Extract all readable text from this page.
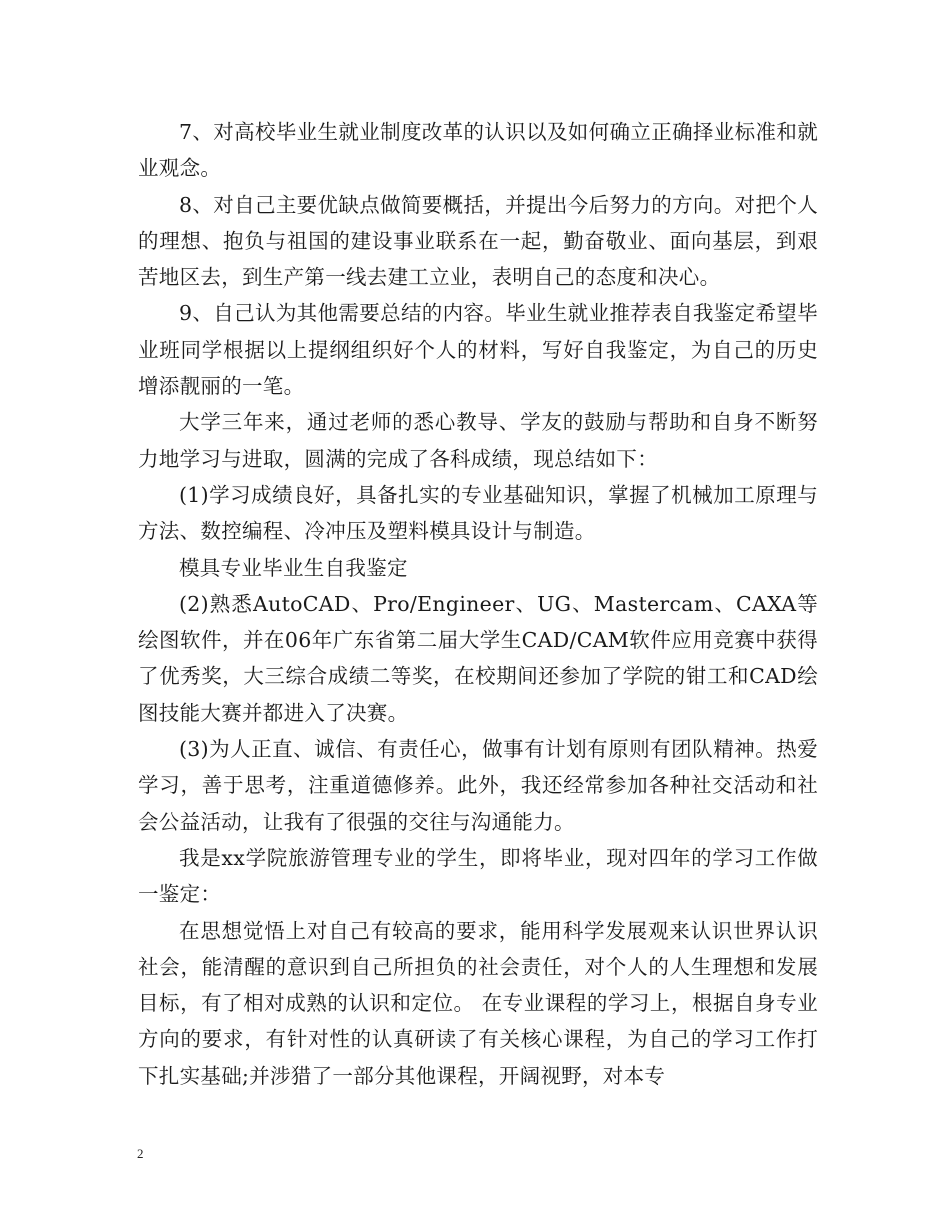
7、对高校毕业生就业制度改革的认识以及如何确立正确择业标准和就业观念。

8、对自己主要优缺点做简要概括，并提出今后努力的方向。对把个人的理想、抱负与祖国的建设事业联系在一起，勤奋敬业、面向基层，到艰苦地区去，到生产第一线去建工立业，表明自己的态度和决心。

9、自己认为其他需要总结的内容。毕业生就业推荐表自我鉴定希望毕业班同学根据以上提纲组织好个人的材料，写好自我鉴定，为自己的历史增添靓丽的一笔。

大学三年来，通过老师的悉心教导、学友的鼓励与帮助和自身不断努力地学习与进取，圆满的完成了各科成绩，现总结如下：

(1)学习成绩良好，具备扎实的专业基础知识，掌握了机械加工原理与方法、数控编程、冷冲压及塑料模具设计与制造。

模具专业毕业生自我鉴定

(2)熟悉AutoCAD、Pro/Engineer、UG、Mastercam、CAXA等绘图软件，并在06年广东省第二届大学生CAD/CAM软件应用竞赛中获得了优秀奖，大三综合成绩二等奖，在校期间还参加了学院的钳工和CAD绘图技能大赛并都进入了决赛。

(3)为人正直、诚信、有责任心，做事有计划有原则有团队精神。热爱学习，善于思考，注重道德修养。此外，我还经常参加各种社交活动和社会公益活动，让我有了很强的交往与沟通能力。

我是xx学院旅游管理专业的学生，即将毕业，现对四年的学习工作做一鉴定：

在思想觉悟上对自己有较高的要求，能用科学发展观来认识世界认识社会，能清醒的意识到自己所担负的社会责任，对个人的人生理想和发展目标，有了相对成熟的认识和定位。 在专业课程的学习上，根据自身专业方向的要求，有针对性的认真研读了有关核心课程，为自己的学习工作打下扎实基础;并涉猎了一部分其他课程，开阔视野，对本专

2
